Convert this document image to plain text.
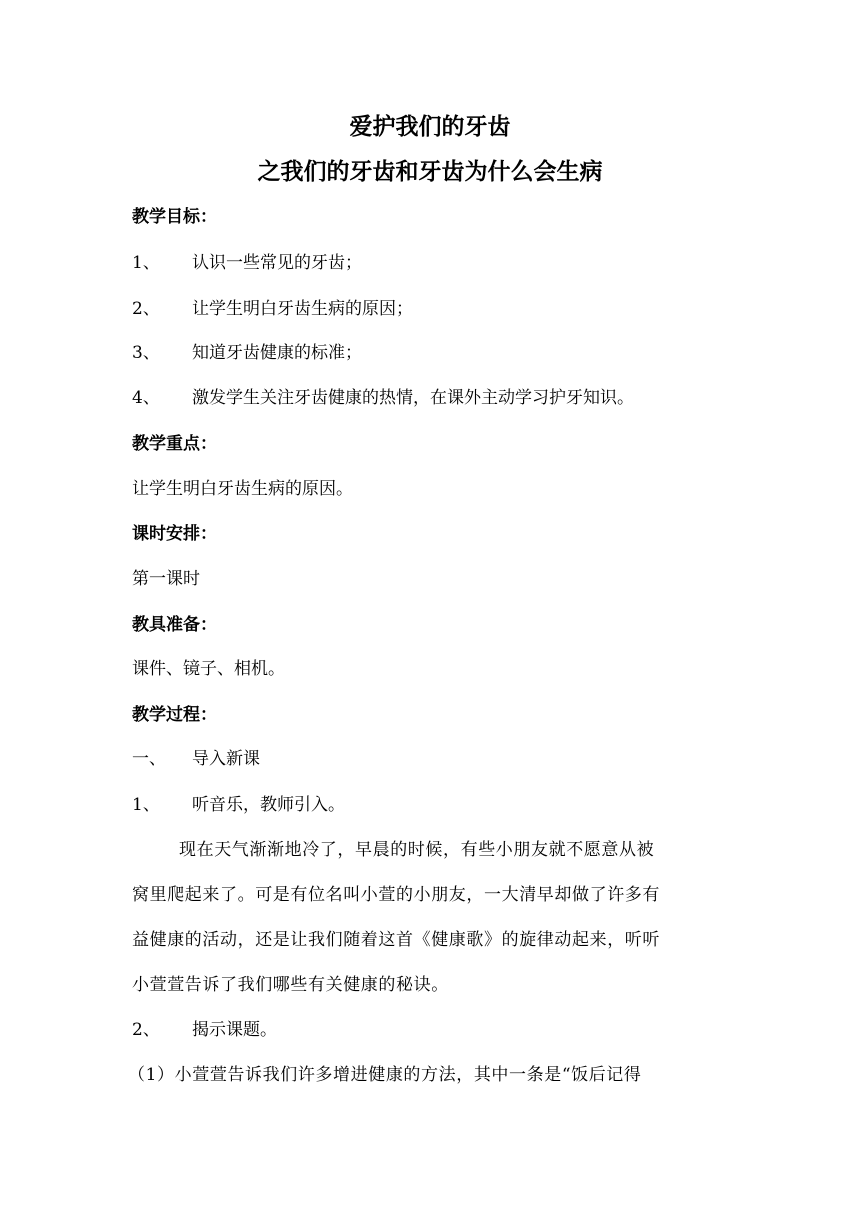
爱护我们的牙齿
之我们的牙齿和牙齿为什么会生病
教学目标：
1、 认识一些常见的牙齿；
2、 让学生明白牙齿生病的原因；
3、 知道牙齿健康的标准；
4、 激发学生关注牙齿健康的热情，在课外主动学习护牙知识。
教学重点：
让学生明白牙齿生病的原因。
课时安排：
第一课时
教具准备：
课件、镜子、相机。
教学过程：
一、 导入新课
1、 听音乐，教师引入。
现在天气渐渐地冷了，早晨的时候，有些小朋友就不愿意从被
窝里爬起来了。可是有位名叫小萱的小朋友，一大清早却做了许多有
益健康的活动，还是让我们随着这首《健康歌》的旋律动起来，听听
小萱萱告诉了我们哪些有关健康的秘诀。
2、 揭示课题。
（1）小萱萱告诉我们许多增进健康的方法，其中一条是“饭后记得
